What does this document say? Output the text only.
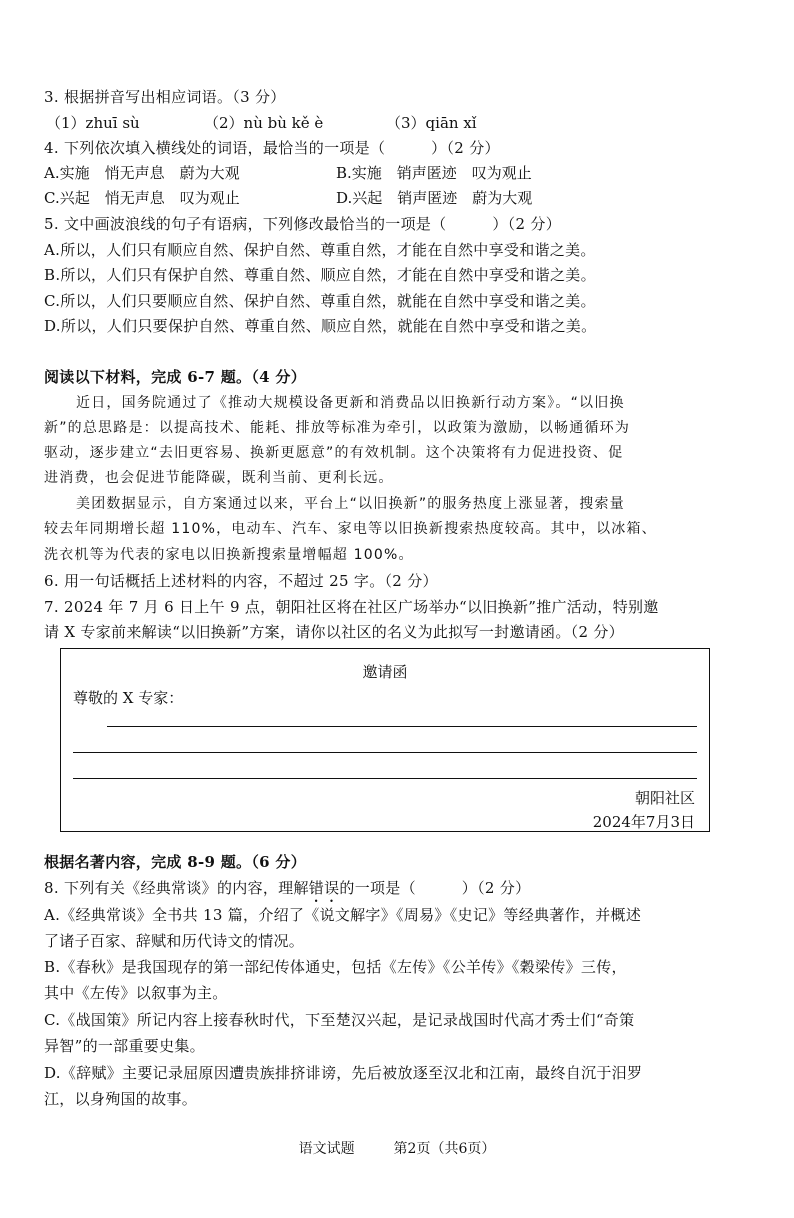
3. 根据拼音写出相应词语。（3 分）
（1）zhuī sù	（2）nù bù kě è	（3）qiān xǐ
4. 下列依次填入横线处的词语，最恰当的一项是（　　　）（2 分）
A.实施　悄无声息　蔚为大观	B.实施　销声匿迹　叹为观止
C.兴起　悄无声息　叹为观止	D.兴起　销声匿迹　蔚为大观
5. 文中画波浪线的句子有语病，下列修改最恰当的一项是（　　　）（2 分）
A.所以，人们只有顺应自然、保护自然、尊重自然，才能在自然中享受和谐之美。
B.所以，人们只有保护自然、尊重自然、顺应自然，才能在自然中享受和谐之美。
C.所以，人们只要顺应自然、保护自然、尊重自然，就能在自然中享受和谐之美。
D.所以，人们只要保护自然、尊重自然、顺应自然，就能在自然中享受和谐之美。
阅读以下材料，完成 6-7 题。（4 分）
近日，国务院通过了《推动大规模设备更新和消费品以旧换新行动方案》。“以旧换
新”的总思路是：以提高技术、能耗、排放等标准为牵引，以政策为激励，以畅通循环为
驱动，逐步建立“去旧更容易、换新更愿意”的有效机制。这个决策将有力促进投资、促
进消费，也会促进节能降碳，既利当前、更利长远。
美团数据显示，自方案通过以来，平台上“以旧换新”的服务热度上涨显著，搜索量
较去年同期增长超 110%，电动车、汽车、家电等以旧换新搜索热度较高。其中，以冰箱、
洗衣机等为代表的家电以旧换新搜索量增幅超 100%。
6. 用一句话概括上述材料的内容，不超过 25 字。（2 分）
7. 2024 年 7 月 6 日上午 9 点，朝阳社区将在社区广场举办“以旧换新”推广活动，特别邀
请 X 专家前来解读“以旧换新”方案，请你以社区的名义为此拟写一封邀请函。（2 分）
邀请函
尊敬的 X 专家：
朝阳社区
2024年7月3日
根据名著内容，完成 8-9 题。（6 分）
8. 下列有关《经典常谈》的内容，理解错误的一项是（　　　）（2 分）
A.《经典常谈》全书共 13 篇，介绍了《说文解字》《周易》《史记》等经典著作，并概述
了诸子百家、辞赋和历代诗文的情况。
B.《春秋》是我国现存的第一部纪传体通史，包括《左传》《公羊传》《穀梁传》三传，
其中《左传》以叙事为主。
C.《战国策》所记内容上接春秋时代，下至楚汉兴起，是记录战国时代高才秀士们“奇策
异智”的一部重要史集。
D.《辞赋》主要记录屈原因遭贵族排挤诽谤，先后被放逐至汉北和江南，最终自沉于汨罗
江，以身殉国的故事。
语文试题	第2页（共6页）
